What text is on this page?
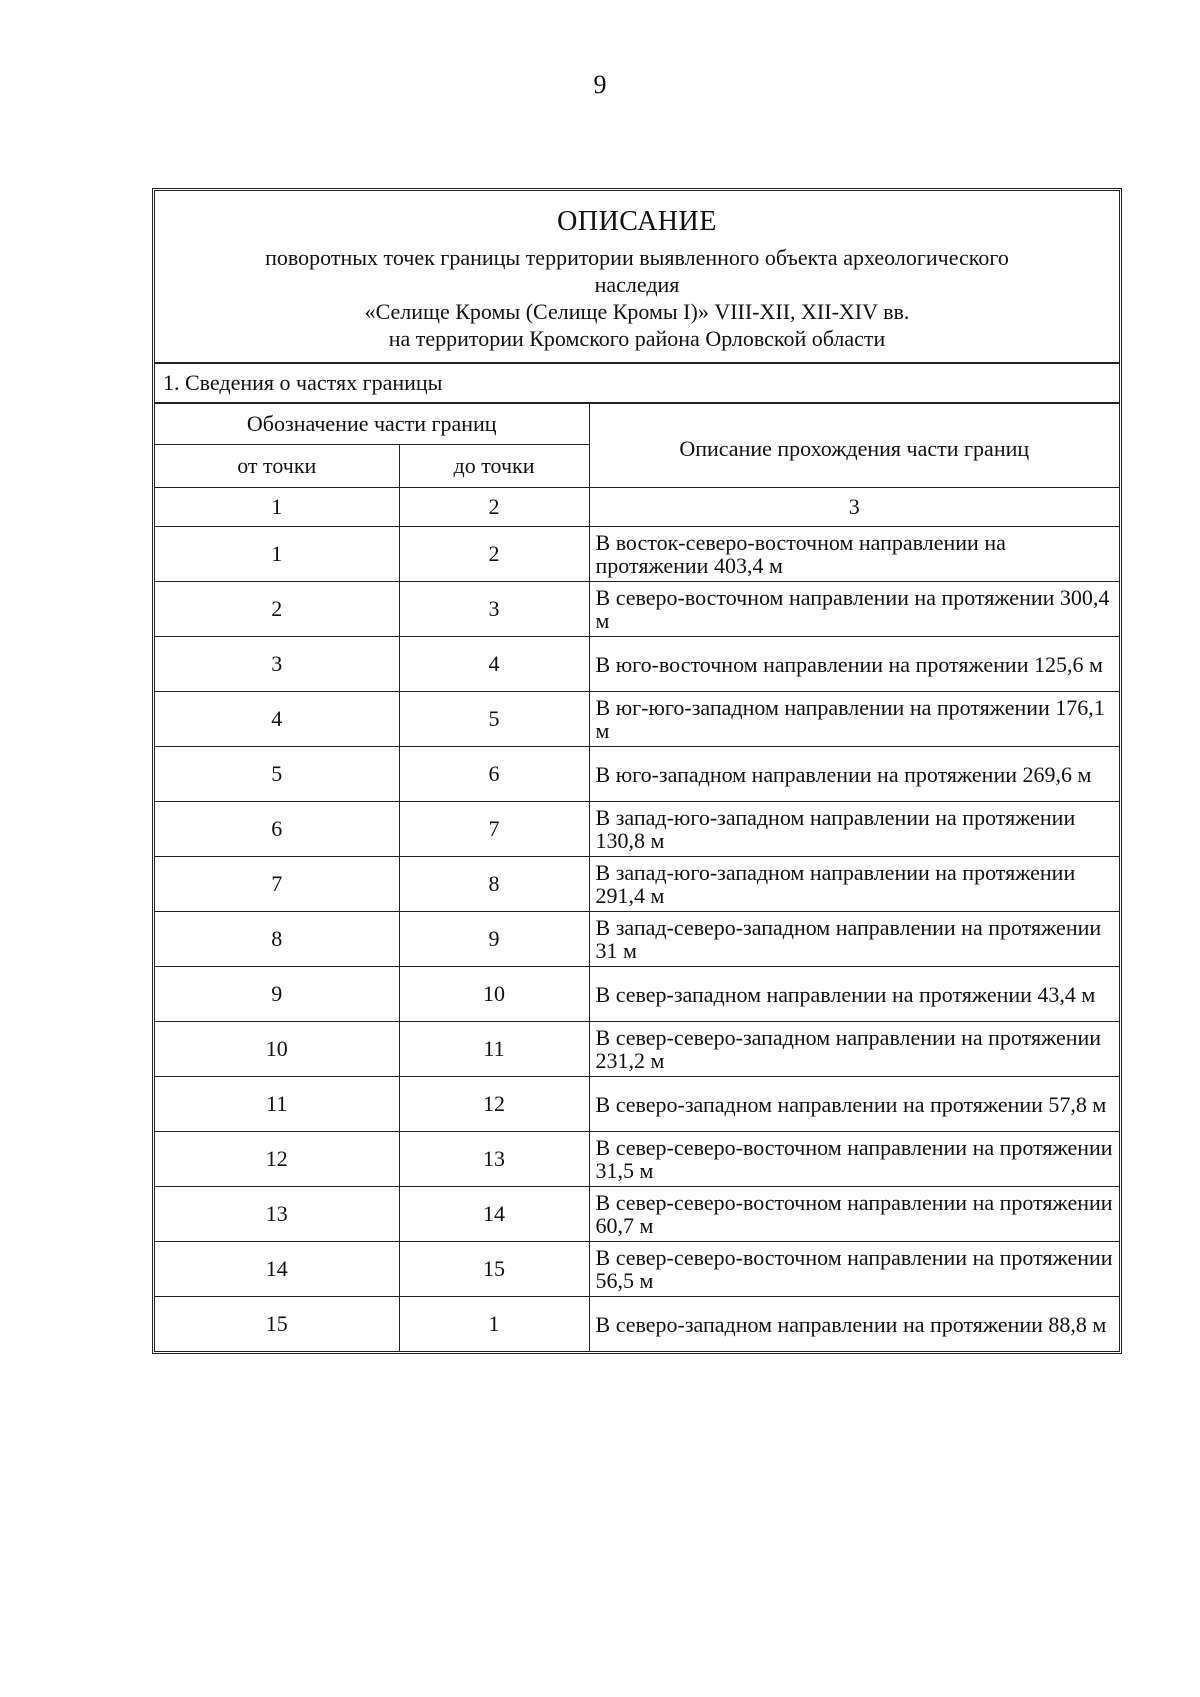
9
ОПИСАНИЕ
поворотных точек границы территории выявленного объекта археологического
наследия
«Селище Кромы (Селище Кромы I)» VIII-XII, XII-XIV вв.
на территории Кромского района Орловской области
1. Сведения о частях границы
Обозначение части границ		Описание прохождения части границ
от точки	до точки	
1	2	3
1	2	В восток-северо-восточном направлении на протяжении 403,4 м
2	3	В северо-восточном направлении на протяжении 300,4 м
3	4	В юго-восточном направлении на протяжении 125,6 м
4	5	В юг-юго-западном направлении на протяжении 176,1 м
5	6	В юго-западном направлении на протяжении 269,6 м
6	7	В запад-юго-западном направлении на протяжении 130,8 м
7	8	В запад-юго-западном направлении на протяжении 291,4 м
8	9	В запад-северо-западном направлении на протяжении 31 м
9	10	В север-западном направлении на протяжении 43,4 м
10	11	В север-северо-западном направлении на протяжении 231,2 м
11	12	В северо-западном направлении на протяжении 57,8 м
12	13	В север-северо-восточном направлении на протяжении 31,5 м
13	14	В север-северо-восточном направлении на протяжении 60,7 м
14	15	В север-северо-восточном направлении на протяжении 56,5 м
15	1	В северо-западном направлении на протяжении 88,8 м
